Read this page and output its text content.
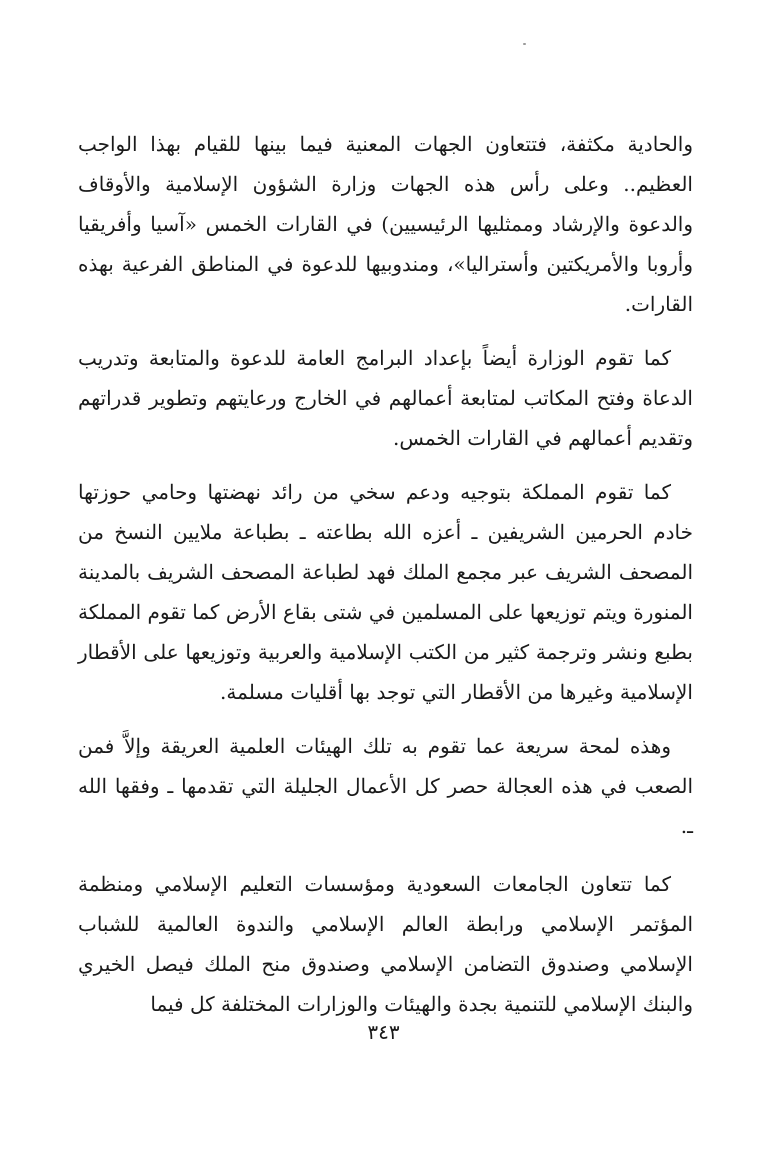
والحادية مكثفة، فتتعاون الجهات المعنية فيما بينها للقيام بهذا الواجب العظيم.. وعلى رأس هذه الجهات وزارة الشؤون الإسلامية والأوقاف والدعوة والإرشاد وممثليها الرئيسيين) في القارات الخمس «آسيا وأفريقيا وأروبا والأمريكتين وأستراليا»، ومندوبيها للدعوة في المناطق الفرعية بهذه القارات.

كما تقوم الوزارة أيضاً بإعداد البرامج العامة للدعوة والمتابعة وتدريب الدعاة وفتح المكاتب لمتابعة أعمالهم في الخارج ورعايتهم وتطوير قدراتهم وتقديم أعمالهم في القارات الخمس.

كما تقوم المملكة بتوجيه ودعم سخي من رائد نهضتها وحامي حوزتها خادم الحرمين الشريفين ـ أعزه الله بطاعته ـ بطباعة ملايين النسخ من المصحف الشريف عبر مجمع الملك فهد لطباعة المصحف الشريف بالمدينة المنورة ويتم توزيعها على المسلمين في شتى بقاع الأرض كما تقوم المملكة بطبع ونشر وترجمة كثير من الكتب الإسلامية والعربية وتوزيعها على الأقطار الإسلامية وغيرها من الأقطار التي توجد بها أقليات مسلمة.

وهذه لمحة سريعة عما تقوم به تلك الهيئات العلمية العريقة وإلاَّ فمن الصعب في هذه العجالة حصر كل الأعمال الجليلة التي تقدمها ـ وفقها الله ـ.

كما تتعاون الجامعات السعودية ومؤسسات التعليم الإسلامي ومنظمة المؤتمر الإسلامي ورابطة العالم الإسلامي والندوة العالمية للشباب الإسلامي وصندوق التضامن الإسلامي وصندوق منح الملك فيصل الخيري والبنك الإسلامي للتنمية بجدة والهيئات والوزارات المختلفة كل فيما

٣٤٣
